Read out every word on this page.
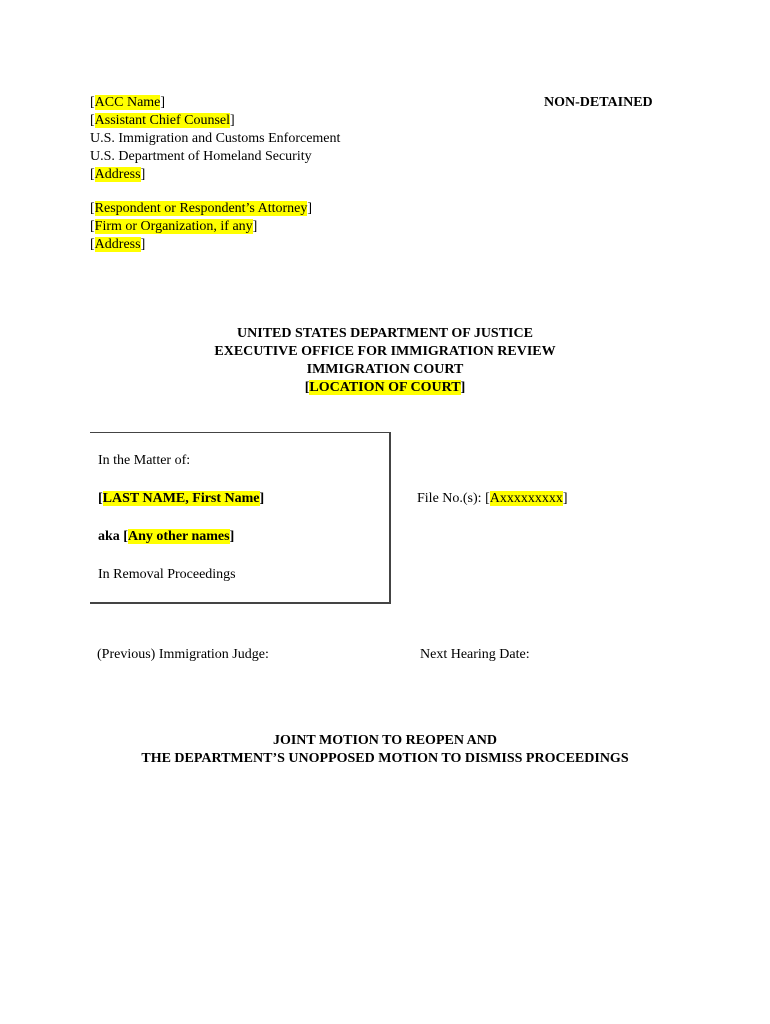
[ACC Name]
[Assistant Chief Counsel]
U.S. Immigration and Customs Enforcement
U.S. Department of Homeland Security
[Address]
NON-DETAINED
[Respondent or Respondent’s Attorney]
[Firm or Organization, if any]
[Address]
UNITED STATES DEPARTMENT OF JUSTICE
EXECUTIVE OFFICE FOR IMMIGRATION REVIEW
IMMIGRATION COURT
[LOCATION OF COURT]
In the Matter of:
[LAST NAME, First Name]
aka [Any other names]
In Removal Proceedings
File No.(s): [Axxxxxxxxx]
(Previous) Immigration Judge:	Next Hearing Date:
JOINT MOTION TO REOPEN AND
THE DEPARTMENT’S UNOPPOSED MOTION TO DISMISS PROCEEDINGS
